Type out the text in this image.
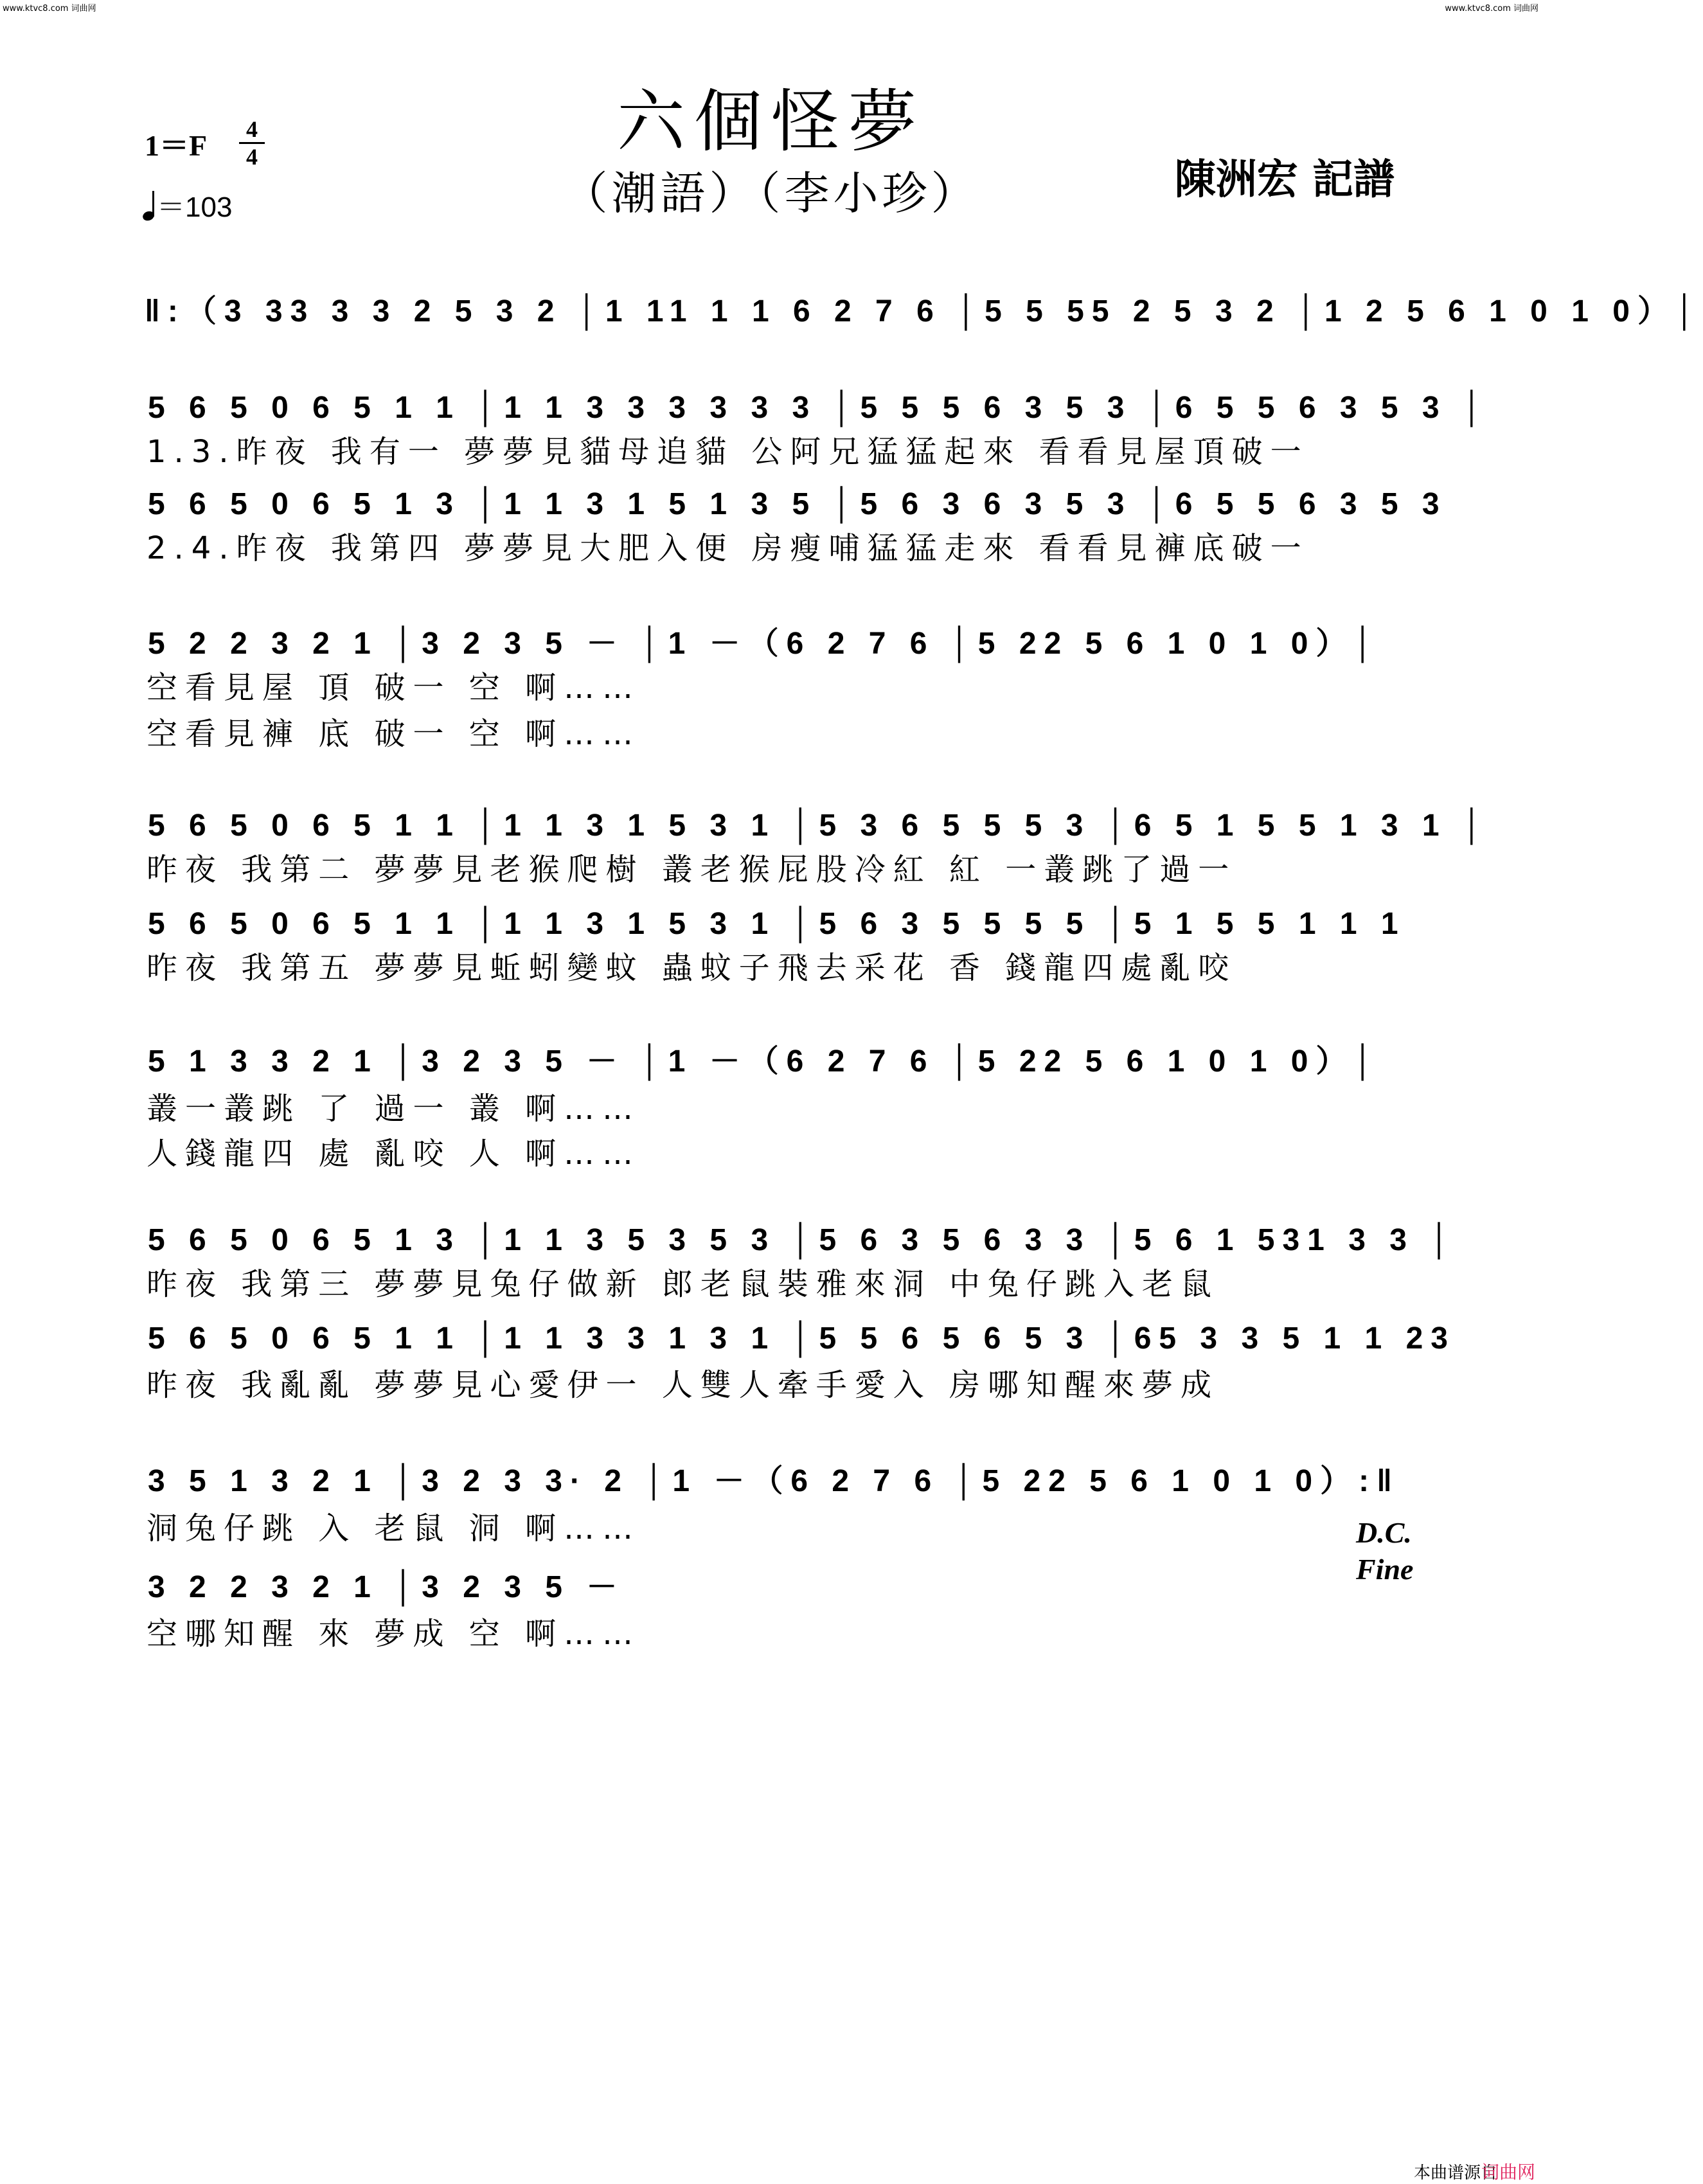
www.ktvc8.com 词曲网	www.ktvc8.com 词曲网
六個怪夢
（潮語）（李小珍）	陳洲宏 記譜
1＝F	4
4
＝103
‖:（3 33 3 3 2 5 3 2 │1 11 1 1 6 2 7 6 │5 5 55 2 5 3 2 │1 2 5 6 1 0 1 0）│
5 6 5 0 6 5 1 1 │1 1 3 3 3 3 3 3 │5 5 5 6 3 5 3 │6 5 5 6 3 5 3 │
1.3.昨夜 我有一 夢夢見貓母追貓 公阿兄猛猛起來 看看見屋頂破一
5 6 5 0 6 5 1 3 │1 1 3 1 5 1 3 5 │5 6 3 6 3 5 3 │6 5 5 6 3 5 3
2.4.昨夜 我第四 夢夢見大肥入便 房瘦哺猛猛走來 看看見褲底破一
5 2 2 3 2 1 │3 2 3 5 － │1 －（6 2 7 6 │5 22 5 6 1 0 1 0）│
空看見屋 頂 破一 空 啊……
空看見褲 底 破一 空 啊……
5 6 5 0 6 5 1 1 │1 1 3 1 5 3 1 │5 3 6 5 5 5 3 │6 5 1 5 5 1 3 1 │
昨夜 我第二 夢夢見老猴爬樹 叢老猴屁股冷紅 紅 一叢跳了過一
5 6 5 0 6 5 1 1 │1 1 3 1 5 3 1 │5 6 3 5 5 5 5 │5 1 5 5 1 1 1
昨夜 我第五 夢夢見蚯蚓變蚊 蟲蚊子飛去采花 香 錢龍四處亂咬
5 1 3 3 2 1 │3 2 3 5 － │1 －（6 2 7 6 │5 22 5 6 1 0 1 0）│
叢一叢跳 了 過一 叢 啊……
人錢龍四 處 亂咬 人 啊……
5 6 5 0 6 5 1 3 │1 1 3 5 3 5 3 │5 6 3 5 6 3 3 │5 6 1 531 3 3 │
昨夜 我第三 夢夢見兔仔做新 郎老鼠裝雅來洞 中兔仔跳入老鼠
5 6 5 0 6 5 1 1 │1 1 3 3 1 3 1 │5 5 6 5 6 5 3 │65 3 3 5 1 1 23
昨夜 我亂亂 夢夢見心愛伊一 人雙人牽手愛入 房哪知醒來夢成
3 5 1 3 2 1 │3 2 3 3· 2 │1 －（6 2 7 6 │5 22 5 6 1 0 1 0）:‖
洞兔仔跳 入 老鼠 洞 啊……
3 2 2 3 2 1 │3 2 3 5 －
空哪知醒 來 夢成 空 啊……
D.C.
Fine
本曲谱源自
词曲网
